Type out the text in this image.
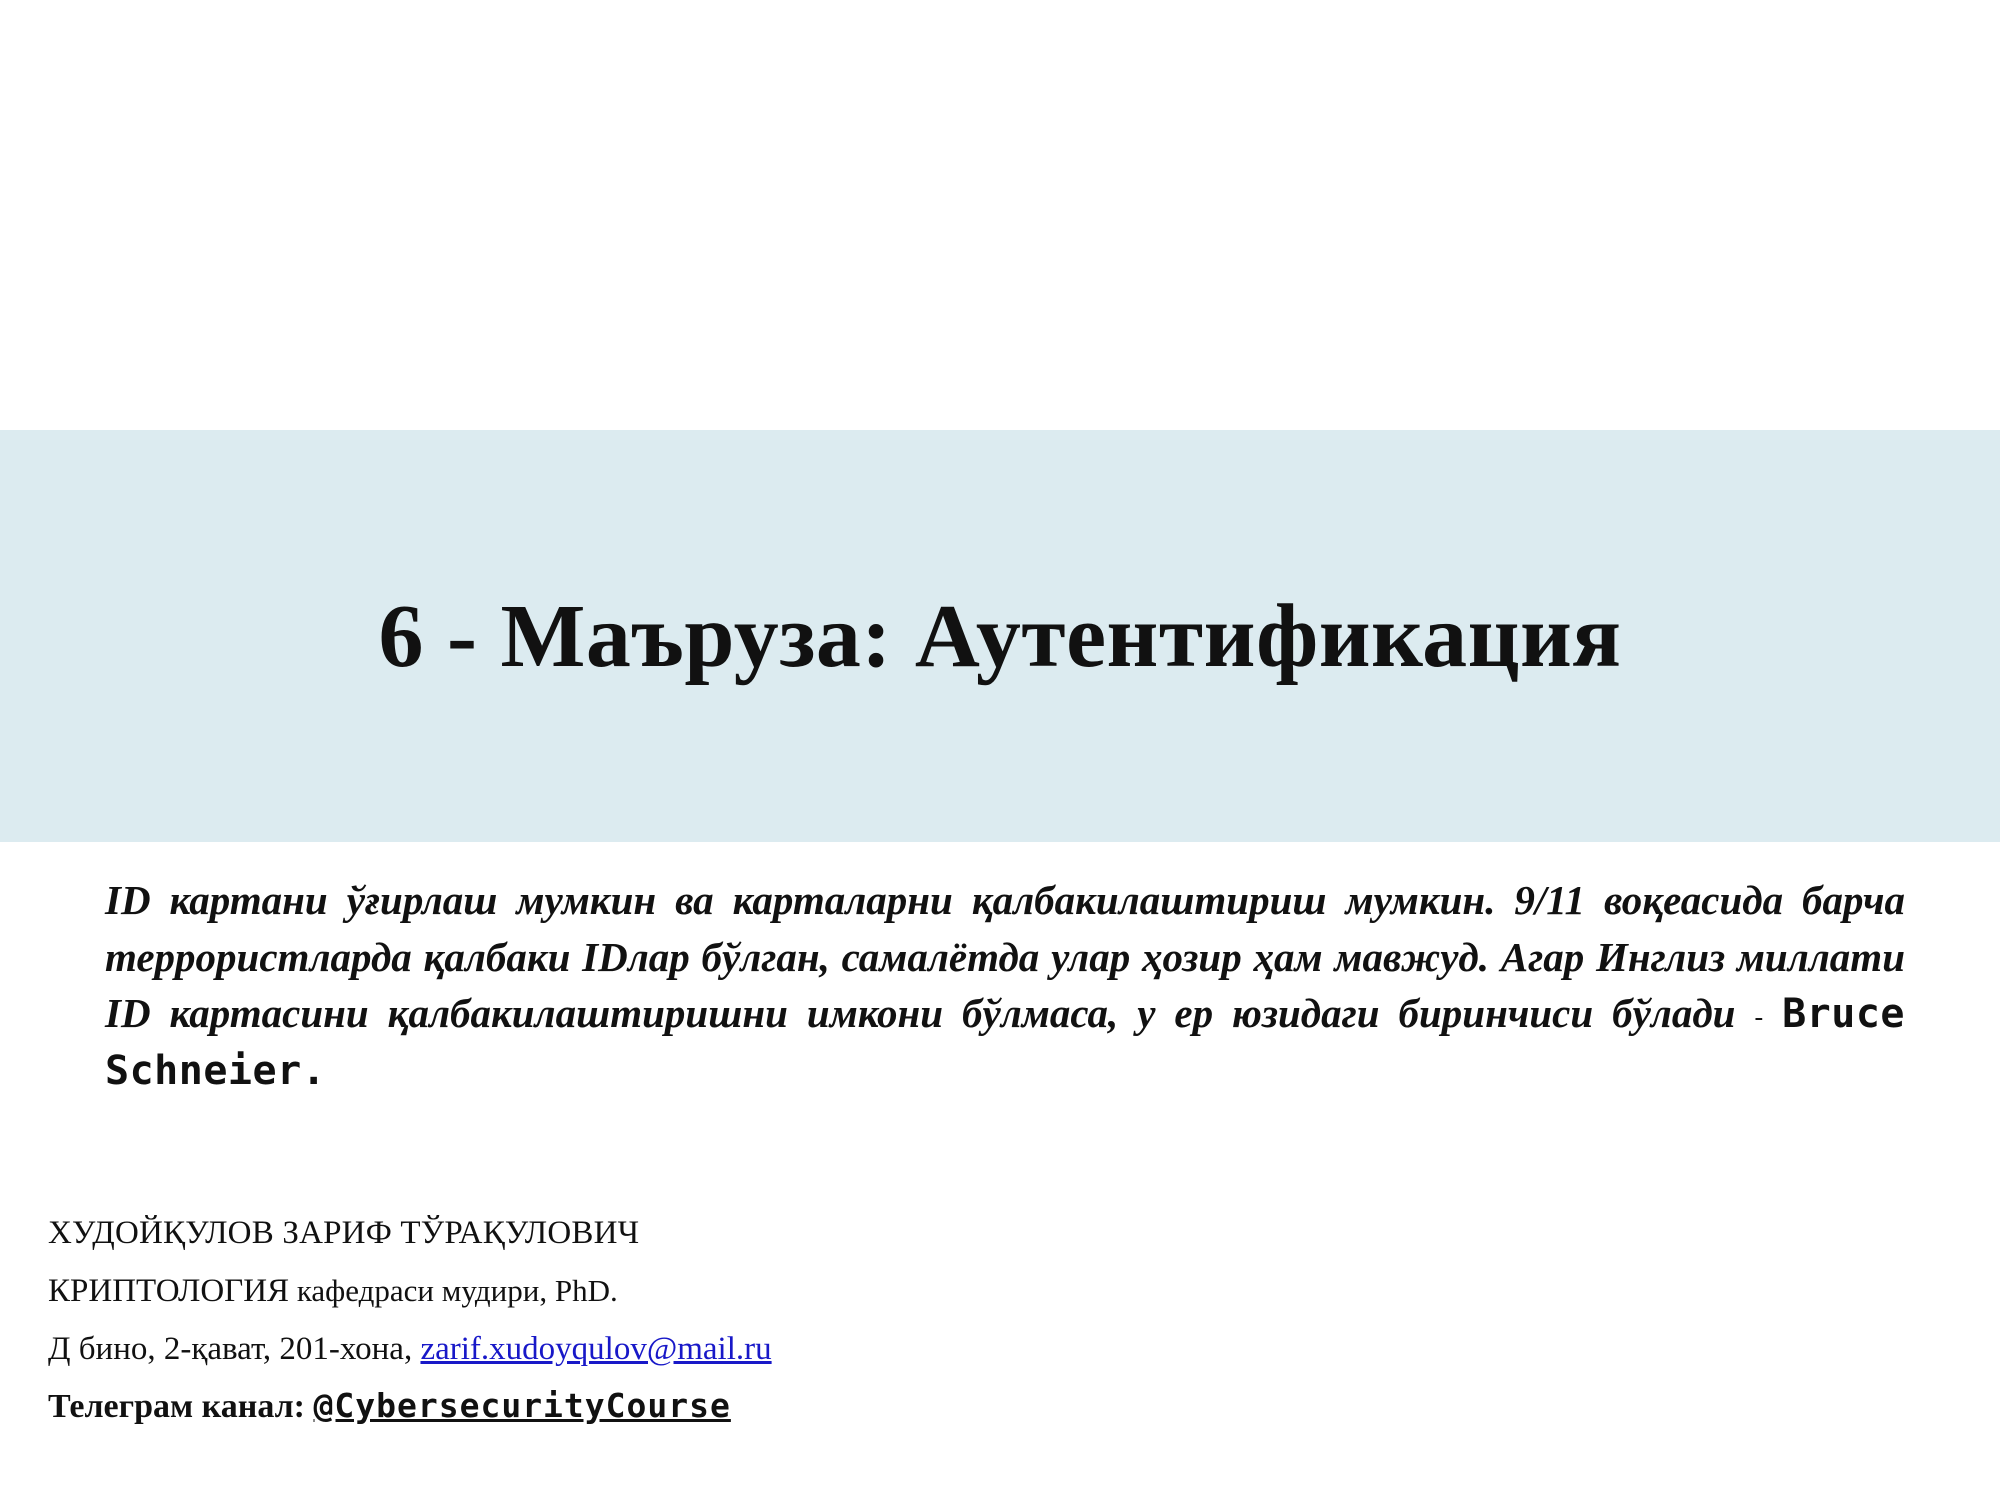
6 - Маъруза: Аутентификация
ID картани ўғирлаш мумкин ва карталарни қалбакилаштириш мумкин. 9/11 воқеасида барча террористларда қалбаки IDлар бўлган, самалётда улар ҳозир ҳам мавжуд. Агар Инглиз миллати ID картасини қалбакилаштиришни имкони бўлмаса, у ер юзидаги биринчиси бўлади - Bruce Schneier.
ХУДОЙҚУЛОВ ЗАРИФ ТЎРАҚУЛОВИЧ
КРИПТОЛОГИЯ кафедраси мудири, PhD.
Д бино, 2-қават, 201-хона, zarif.xudoyqulov@mail.ru
Телеграм канал: @CybersecurityCourse
